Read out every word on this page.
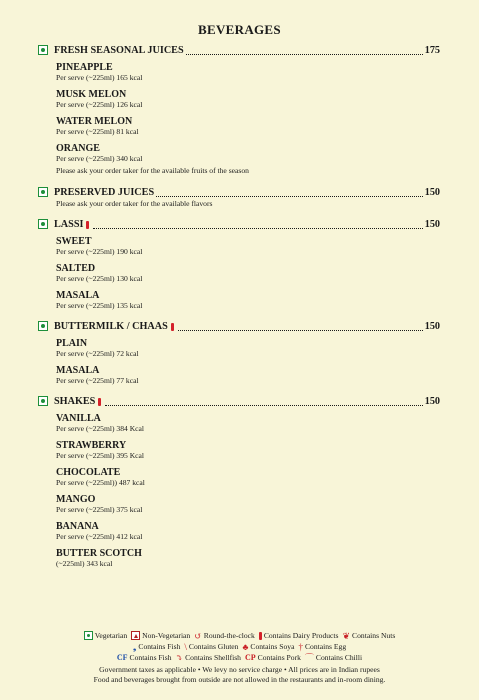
BEVERAGES
FRESH SEASONAL JUICES	175
PINEAPPLE
Per serve (~225ml) 165 kcal
MUSK MELON
Per serve (~225ml) 126 kcal
WATER MELON
Per serve (~225ml) 81 kcal
ORANGE
Per serve (~225ml) 340 kcal
Please ask your order taker for the available fruits of the season
PRESERVED JUICES	150
Please ask your order taker for the available flavors
LASSI	150
SWEET
Per serve (~225ml) 190 kcal
SALTED
Per serve (~225ml) 130 kcal
MASALA
Per serve (~225ml) 135 kcal
BUTTERMILK / CHAAS	150
PLAIN
Per serve (~225ml) 72 kcal
MASALA
Per serve (~225ml) 77 kcal
SHAKES	150
VANILLA
Per serve (~225ml) 384 Kcal
STRAWBERRY
Per serve (~225ml) 395 Kcal
CHOCOLATE
Per serve (~225ml)) 487 kcal
MANGO
Per serve (~225ml) 375 kcal
BANANA
Per serve (~225ml) 412 kcal
BUTTER SCOTCH
(~225ml) 343 kcal
Vegetarian Non-Vegetarian ↺ Round-the-clock Contains Dairy Products ❦ Contains Nuts
❟ Contains Fish \ Contains Gluten ♣ Contains Soya † Contains Egg
CF Contains Fish ⤵ Contains Shellfish CP Contains Pork ⌒ Contains Chilli
Government taxes as applicable • We levy no service charge • All prices are in Indian rupees
Food and beverages brought from outside are not allowed in the restaurants and in-room dining.
